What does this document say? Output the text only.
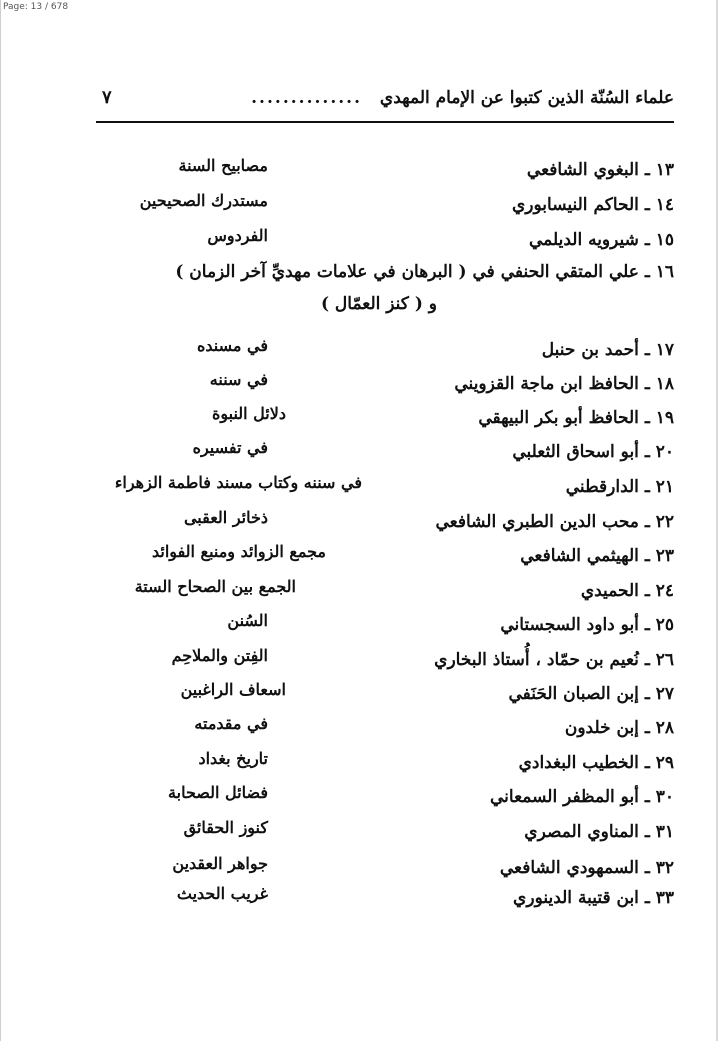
Page: 13 / 678
علماء السُنّة الذين كتبوا عن الإمام المهدي
..............
٧
١٣ ـ البغوي الشافعي
مصابيح السنة
١٤ ـ الحاكم النيسابوري
مستدرك الصحيحين
١٥ ـ شيرويه الديلمي
الفردوس
١٦ ـ علي المتقي الحنفي في ( البرهان في علامات مهديِّ آخر الزمان )
و ( كنز العمّال )
١٧ ـ أحمد بن حنبل
في مسنده
١٨ ـ الحافظ ابن ماجة القزويني
في سننه
١٩ ـ الحافظ أبو بكر البيهقي
دلائل النبوة
٢٠ ـ أبو اسحاق الثعلبي
في تفسيره
٢١ ـ الدارقطني
في سننه وكتاب مسند فاطمة الزهراء
٢٢ ـ محب الدين الطبري الشافعي
ذخائر العقبى
٢٣ ـ الهيثمي الشافعي
مجمع الزوائد ومنبع الفوائد
٢٤ ـ الحميدي
الجمع بين الصحاح الستة
٢٥ ـ أبو داود السجستاني
السُنن
٢٦ ـ نُعيم بن حمّاد ، أُستاذ البخاري
الفِتن والملاحِم
٢٧ ـ إبن الصبان الحَنَفي
اسعاف الراغبين
٢٨ ـ إبن خلدون
في مقدمته
٢٩ ـ الخطيب البغدادي
تاريخ بغداد
٣٠ ـ أبو المظفر السمعاني
فضائل الصحابة
٣١ ـ المناوي المصري
كنوز الحقائق
٣٢ ـ السمهودي الشافعي
جواهر العقدين
٣٣ ـ ابن قتيبة الدينوري
غريب الحديث
